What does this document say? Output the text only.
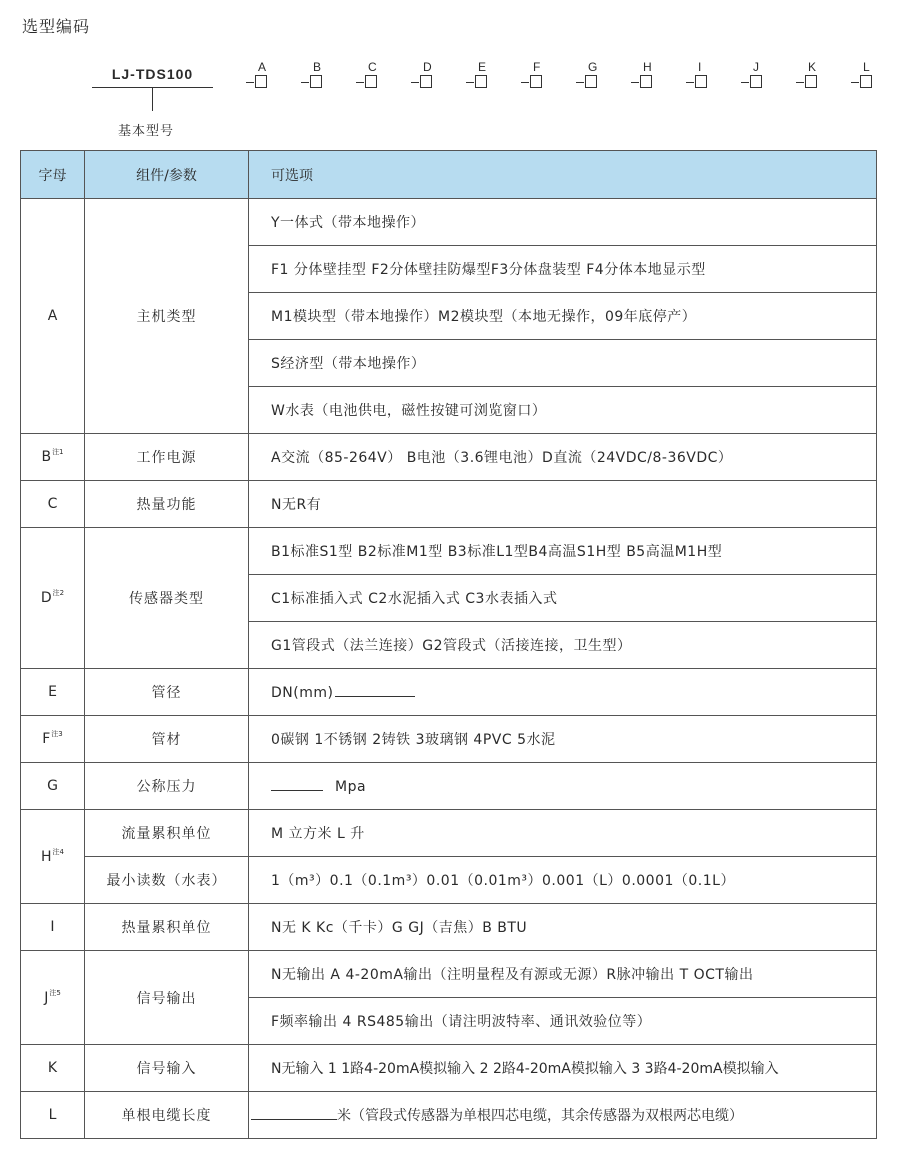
选型编码
LJ-TDS100
基本型号
A	B	C	D	E	F	G	H	I	J	K	L
字母	组件/参数	可选项
A	主机类型	Y一体式（带本地操作）
		F1 分体壁挂型 F2分体壁挂防爆型F3分体盘装型 F4分体本地显示型
		M1模块型（带本地操作）M2模块型（本地无操作，09年底停产）
		S经济型（带本地操作）
		W水表（电池供电，磁性按键可浏览窗口）
B$^{注1}$	工作电源	A交流（85-264V） B电池（3.6锂电池）D直流（24VDC/8-36VDC）
C	热量功能	N无R有
D$^{注2}$	传感器类型	B1标准S1型 B2标准M1型 B3标准L1型B4高温S1H型 B5高温M1H型
		C1标准插入式 C2水泥插入式 C3水表插入式
		G1管段式（法兰连接）G2管段式（活接连接，卫生型）
E	管径	DN(mm)
F$^{注3}$	管材	0碳钢 1不锈钢 2铸铁 3玻璃钢 4PVC 5水泥
G	公称压力	Mpa
H$^{注4}$	流量累积单位	M 立方米 L 升
	最小读数（水表）	1（m³）0.1（0.1m³）0.01（0.01m³）0.001（L）0.0001（0.1L）
I	热量累积单位	N无 K Kc（千卡）G GJ（吉焦）B BTU
J$^{注5}$	信号输出	N无输出 A 4-20mA输出（注明量程及有源或无源）R脉冲输出 T OCT输出
		F频率输出 4 RS485输出（请注明波特率、通讯效验位等）
K	信号输入	N无输入 1 1路4-20mA模拟输入 2 2路4-20mA模拟输入 3 3路4-20mA模拟输入
L	单根电缆长度	米（管段式传感器为单根四芯电缆，其余传感器为双根两芯电缆）
